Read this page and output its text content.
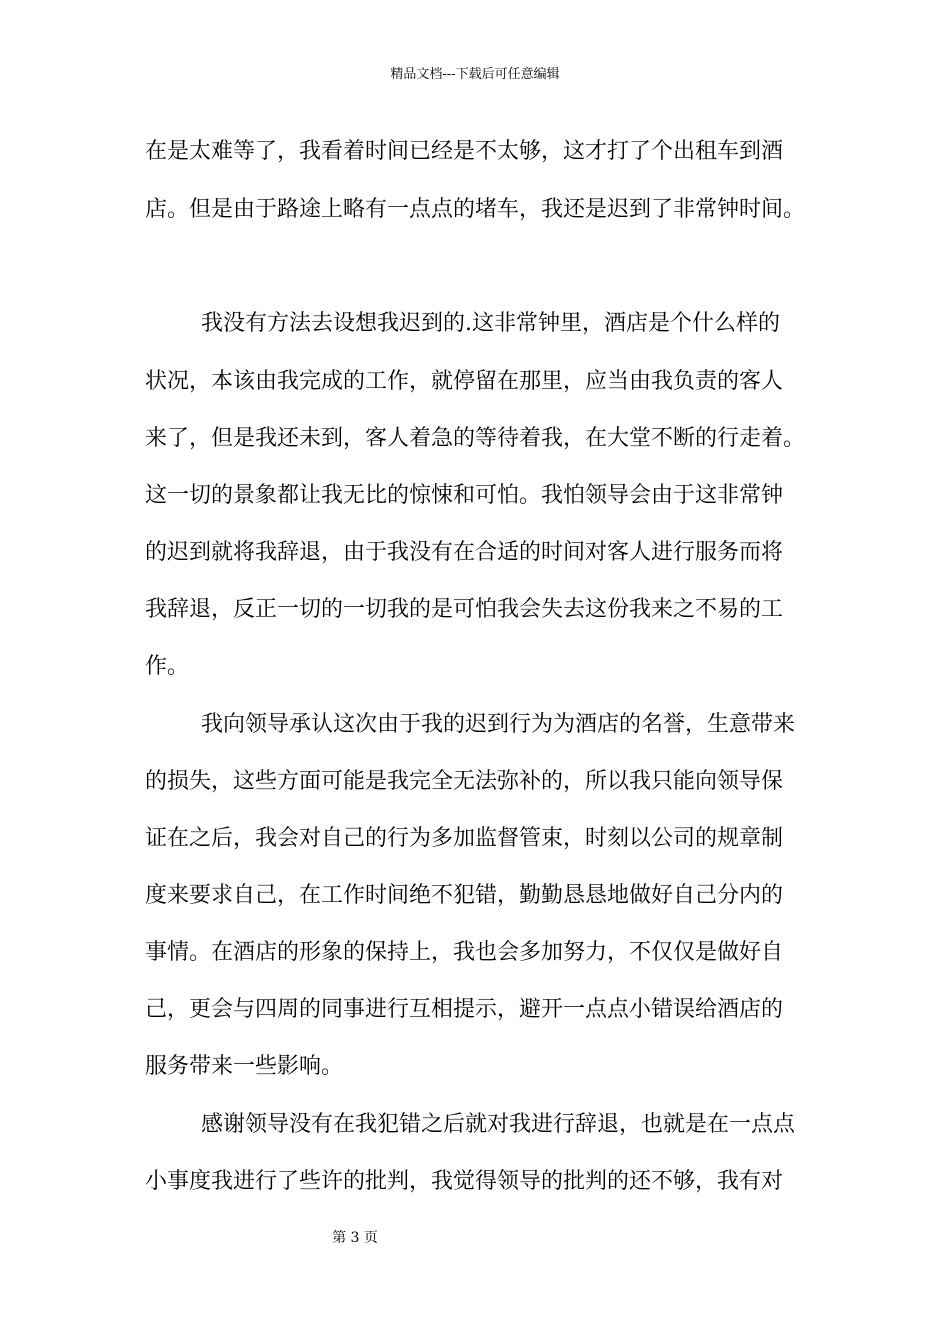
精品文档---下载后可任意编辑
在是太难等了，我看着时间已经是不太够，这才打了个出租车到酒
店。但是由于路途上略有一点点的堵车，我还是迟到了非常钟时间。
我没有方法去设想我迟到的.这非常钟里，酒店是个什么样的
状况，本该由我完成的工作，就停留在那里，应当由我负责的客人
来了，但是我还未到，客人着急的等待着我，在大堂不断的行走着。
这一切的景象都让我无比的惊悚和可怕。我怕领导会由于这非常钟
的迟到就将我辞退，由于我没有在合适的时间对客人进行服务而将
我辞退，反正一切的一切我的是可怕我会失去这份我来之不易的工
作。
我向领导承认这次由于我的迟到行为为酒店的名誉，生意带来
的损失，这些方面可能是我完全无法弥补的，所以我只能向领导保
证在之后，我会对自己的行为多加监督管束，时刻以公司的规章制
度来要求自己，在工作时间绝不犯错，勤勤恳恳地做好自己分内的
事情。在酒店的形象的保持上，我也会多加努力，不仅仅是做好自
己，更会与四周的同事进行互相提示，避开一点点小错误给酒店的
服务带来一些影响。
感谢领导没有在我犯错之后就对我进行辞退，也就是在一点点
小事度我进行了些许的批判，我觉得领导的批判的还不够，我有对
第 3 页
